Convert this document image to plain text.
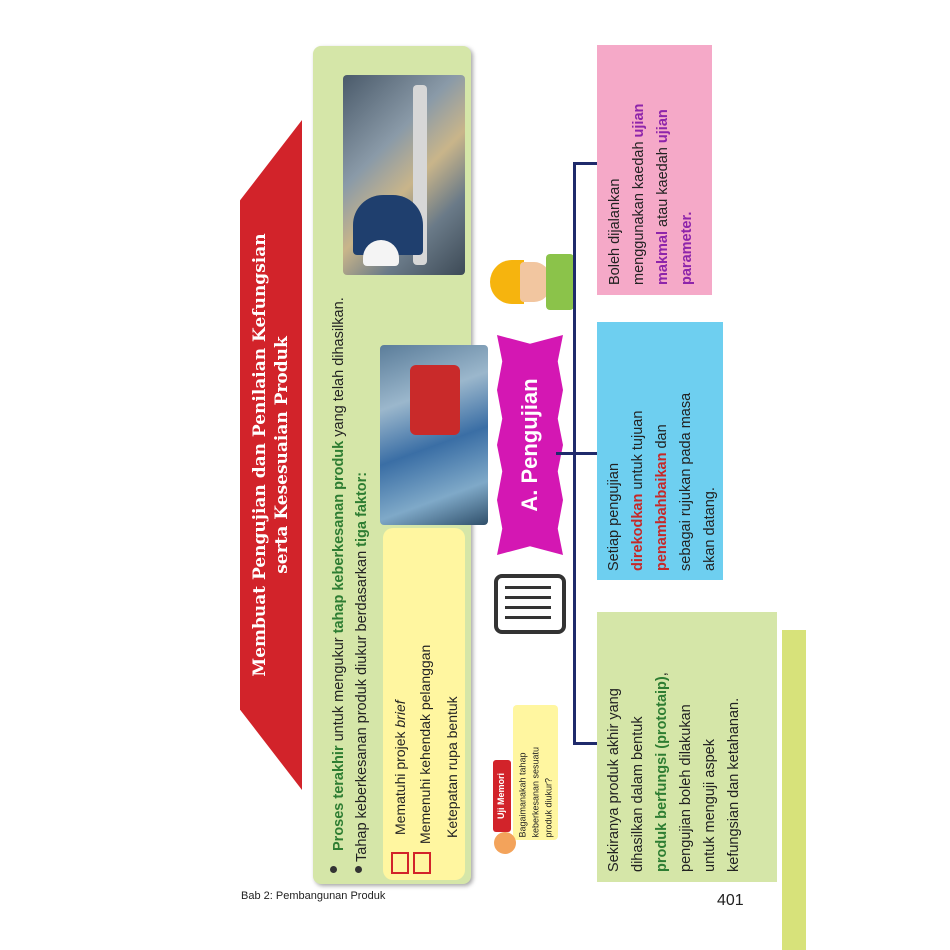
Membuat Pengujian dan Penilaian Kefungsian serta Kesesuaian Produk
Proses terakhir untuk mengukur tahap keberkesanan produk yang telah dihasilkan.
Tahap keberkesanan produk diukur berdasarkan tiga faktor:
Mematuhi projek brief Memenuhi kehendak pelanggan Ketepatan rupa bentuk	Uji Memori Bagaimanakah tahap keberkesanan sesuatu produk diukur?
A. Pengujian
Boleh dijalankan menggunakan kaedah ujian
makmal atau kaedah ujian
parameter.
Setiap pengujian direkodkan untuk tujuan
penambahbaikan dan sebagai rujukan pada masa akan datang.
Sekiranya produk akhir yang dihasilkan dalam bentuk produk berfungsi (prototaip),
pengujian boleh dilakukan untuk menguji aspek kefungsian dan ketahanan.
Bab 2: Pembangunan Produk	401
